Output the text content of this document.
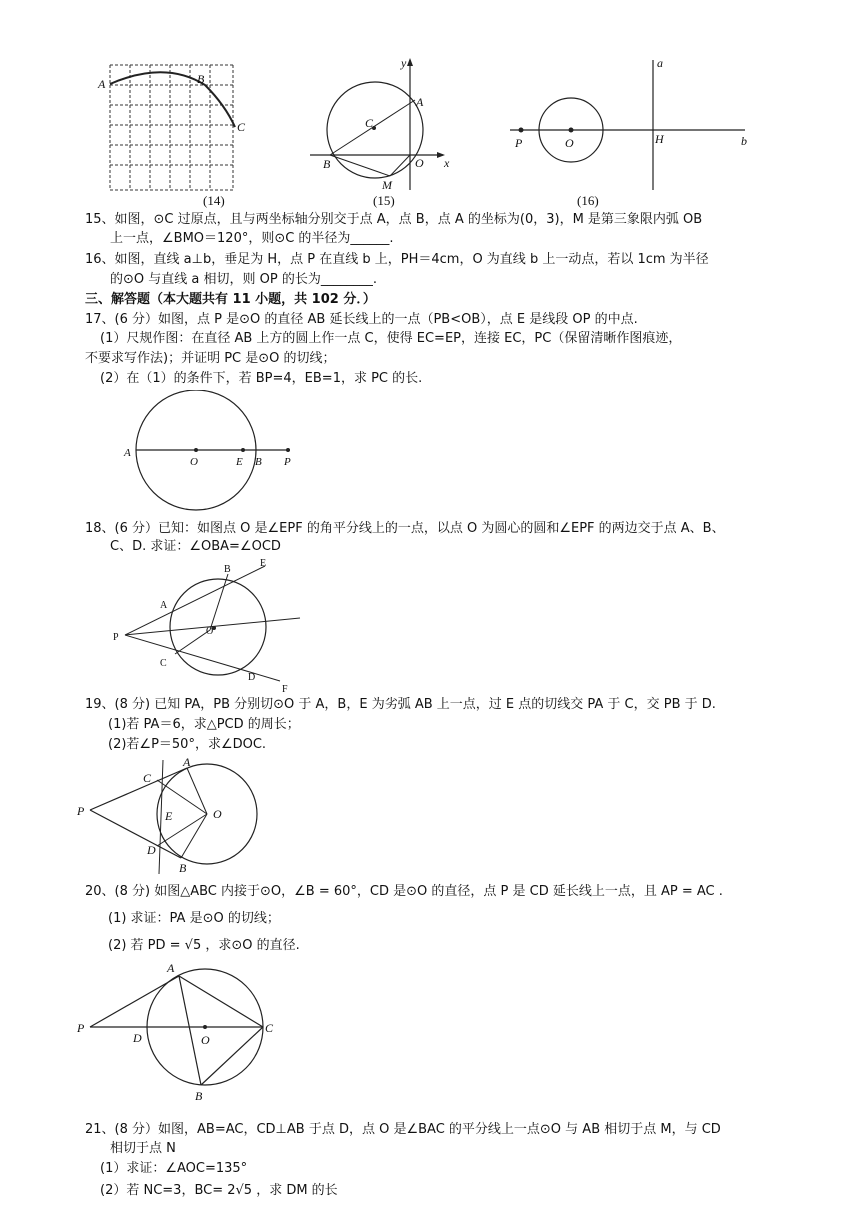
A	B
C
(14)
y
x
A
C
B	O
M
(15)
a
b
P	O	H
(16)
15、如图，⊙C 过原点，且与两坐标轴分别交于点 A，点 B，点 A 的坐标为(0，3)，M 是第三象限内弧 OB
上一点，∠BMO＝120°，则⊙C 的半径为______.
16、如图，直线 a⊥b，垂足为 H，点 P 在直线 b 上，PH＝4cm，O 为直线 b 上一动点，若以 1cm 为半径
的⊙O 与直线 a 相切，则 OP 的长为________.
三、解答题（本大题共有 11 小题，共 102 分．）
17、(6 分）如图，点 P 是⊙O 的直径 AB 延长线上的一点（PB<OB），点 E 是线段 OP 的中点.
(1）尺规作图：在直径 AB 上方的圆上作一点 C，使得 EC=EP，连接 EC，PC（保留清晰作图痕迹，
不要求写作法)；并证明 PC 是⊙O 的切线；
(2）在（1）的条件下，若 BP=4，EB=1，求 PC 的长.
A
O	E B P
18、(6 分）已知：如图点 O 是∠EPF 的角平分线上的一点，以点 O 为圆心的圆和∠EPF 的两边交于点 A、B、
C、D. 求证：∠OBA=∠OCD
E
B
A
P
O
C
D
F
19、(8 分) 已知 PA，PB 分别切⊙O 于 A，B，E 为劣弧 AB 上一点，过 E 点的切线交 PA 于 C，交 PB 于 D.
(1)若 PA＝6，求△PCD 的周长；
(2)若∠P＝50°，求∠DOC.
A
C
P	E	O
D
B
20、(8 分) 如图△ABC 内接于⊙O，∠B = 60°，CD 是⊙O 的直径，点 P 是 CD 延长线上一点，且 AP = AC .
(1) 求证：PA 是⊙O 的切线；
(2) 若 PD = √5 ，求⊙O 的直径.
A
P
D	O
C
B
21、(8 分）如图，AB=AC，CD⊥AB 于点 D，点 O 是∠BAC 的平分线上一点⊙O 与 AB 相切于点 M，与 CD
相切于点 N
(1）求证：∠AOC=135°
(2）若 NC=3，BC= 2√5 ，求 DM 的长
